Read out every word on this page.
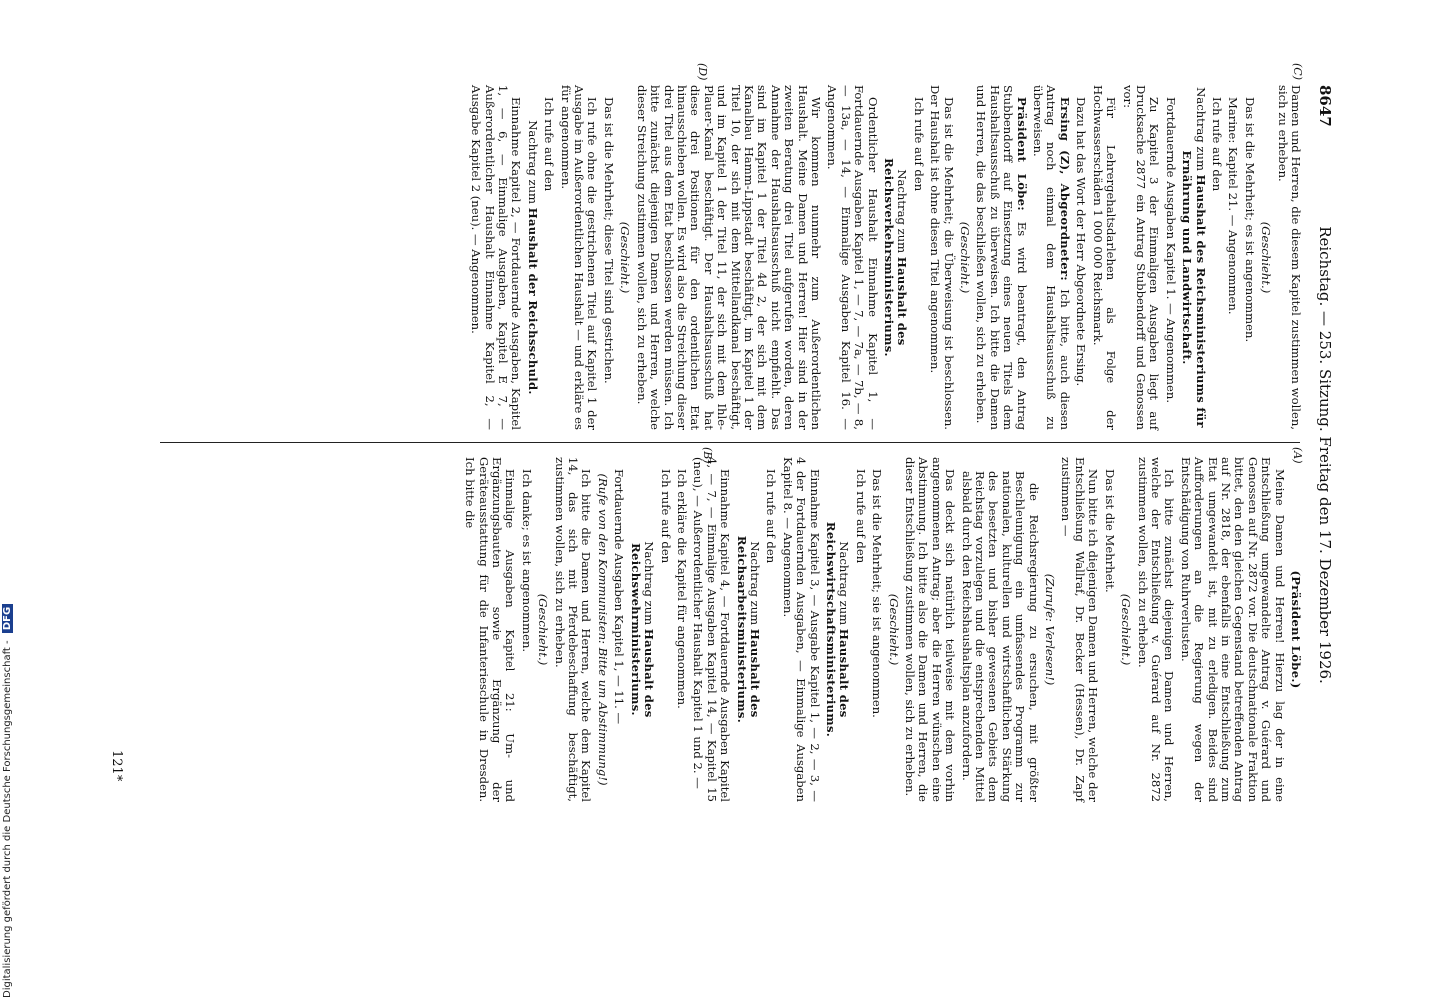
8647
Reichstag. — 253. Sitzung. Freitag den 17. Dezember 1926.
(A)
(B)
(C)
(D)

Damen und Herren, die diesem Kapitel zustimmen wollen, sich zu erheben.

(Geschieht.)

Das ist die Mehrheit; es ist angenommen.

Marine: Kapitel 21. — Angenommen.

Ich rufe auf den

Nachtrag zum Haushalt des Reichsministeriums für Ernährung und Landwirtschaft.

Fortdauernde Ausgaben Kapitel 1. — Angenommen.

Zu Kapitel 3 der Einmaligen Ausgaben liegt auf Drucksache 2877 ein Antrag Stubbendorff und Genossen vor:

Für Lehrergehaltsdarlehen als Folge der Hochwasserschäden 1 000 000 Reichsmark.

Dazu hat das Wort der Herr Abgeordnete Ersing.

Ersing (Z), Abgeordneter: Ich bitte, auch diesen Antrag noch einmal dem Haushaltsausschuß zu überweisen.

Präsident Löbe: Es wird beantragt, den Antrag Stubbendorff auf Einsetzung eines neuen Titels dem Haushaltsausschuß zu überweisen. Ich bitte die Damen und Herren, die das beschließen wollen, sich zu erheben.

(Geschieht.)

Das ist die Mehrheit; die Überweisung ist beschlossen. Der Haushalt ist ohne diesen Titel angenommen.

Ich rufe auf den

Nachtrag zum Haushalt des Reichsverkehrsministeriums.

Ordentlicher Haushalt Einnahme Kapitel 1, — Fortdauernde Ausgaben Kapitel 1, — 7, — 7a, — 7b, — 8, — 13a, — 14, — Einmalige Ausgaben Kapitel 16. — Angenommen.

Wir kommen nunmehr zum Außerordentlichen Haushalt. Meine Damen und Herren! Hier sind in der zweiten Beratung drei Titel aufgerufen worden, deren Annahme der Haushaltsausschuß nicht empfiehlt. Das sind im Kapitel 1 der Titel 4d 2, der sich mit dem Kanalbau Hamm-Lippstadt beschäftigt, im Kapitel 1 der Titel 10, der sich mit dem Mittellandkanal beschäftigt, und im Kapitel 1 der Titel 11, der sich mit dem Ihle-Plauer-Kanal beschäftigt. Der Haushaltsausschuß hat diese drei Positionen für den ordentlichen Etat hinausschieben wollen. Es wird also die Streichung dieser drei Titel aus dem Etat beschlossen werden müssen. Ich bitte zunächst diejenigen Damen und Herren, welche dieser Streichung zustimmen wollen, sich zu erheben.

(Geschieht.)

Das ist die Mehrheit; diese Titel sind gestrichen.

Ich rufe ohne die gestrichenen Titel auf Kapitel 1 der Ausgabe im Außerordentlichen Haushalt — und erkläre es für angenommen.

Ich rufe auf den

Nachtrag zum Haushalt der Reichsschuld.

Einnahme Kapitel 2, — Fortdauernde Ausgaben, Kapitel 1, — 6, — Einmalige Ausgaben, Kapitel E 7, — Außerordentlicher Haushalt Einnahme Kapitel 2, — Ausgabe Kapitel 2 (neu). — Angenommen.

(Präsident Löbe.)

Meine Damen und Herren! Hierzu lag der in eine Entschließung umgewandelte Antrag v. Guérard und Genossen auf Nr. 2872 vor. Die deutschnationale Fraktion bittet, den den gleichen Gegenstand betreffenden Antrag auf Nr. 2818, der ebenfalls in eine Entschließung zum Etat umgewandelt ist, mit zu erledigen. Beides sind Aufforderungen an die Regierung wegen der Entschädigung von Ruhrverlusten.

Ich bitte zunächst diejenigen Damen und Herren, welche der Entschließung v. Guérard auf Nr. 2872 zustimmen wollen, sich zu erheben.

(Geschieht.)

Das ist die Mehrheit.

Nun bitte ich diejenigen Damen und Herren, welche der Entschließung Wallraf, Dr. Becker (Hessen), Dr. Zapf zustimmen —

(Zurufe: Verlesen!)

die Reichsregierung zu ersuchen, mit größter Beschleunigung ein umfassendes Programm zur nationalen, kulturellen und wirtschaftlichen Stärkung des besetzten und bisher gewesenen Gebiets dem Reichstag vorzulegen und die entsprechenden Mittel alsbald durch den Reichshaushaltsplan anzufordern.

Das deckt sich natürlich teilweise mit dem vorhin angenommenen Antrag; aber die Herren wünschen eine Abstimmung. Ich bitte also die Damen und Herren, die dieser Entschließung zustimmen wollen, sich zu erheben.

(Geschieht.)

Das ist die Mehrheit; sie ist angenommen.

Ich rufe auf den

Nachtrag zum Haushalt des Reichswirtschaftsministeriums.

Einnahme Kapitel 3, — Ausgabe Kapitel 1, — 2, — 3, — 4 der Fortdauernden Ausgaben, — Einmalige Ausgaben Kapitel 8. — Angenommen.

Ich rufe auf den

Nachtrag zum Haushalt des Reichsarbeitsministeriums.

Einnahme Kapitel 4, — Fortdauernde Ausgaben Kapitel 4, — 7, — Einmalige Ausgaben Kapitel 14, — Kapitel 15 (neu), — Außerordentlicher Haushalt Kapitel 1 und 2. —

Ich erkläre die Kapitel für angenommen.

Ich rufe auf den

Nachtrag zum Haushalt des Reichswehrministeriums.

Fortdauernde Ausgaben Kapitel 1, — 11. —

(Rufe von den Kommunisten: Bitte um Abstimmung!)

Ich bitte die Damen und Herren, welche dem Kapitel 14, das sich mit Pferdebeschaffung beschäftigt, zustimmen wollen, sich zu erheben.

(Geschieht.)

Ich danke; es ist angenommen.

Einmalige Ausgaben Kapitel 21: Um- und Ergänzungsbauten sowie Ergänzung der Geräteausstattung für die Infanterieschule in Dresden. Ich bitte die

121*
Digitalisierung gefördert durch die Deutsche Forschungsgemeinschaft - DFG
